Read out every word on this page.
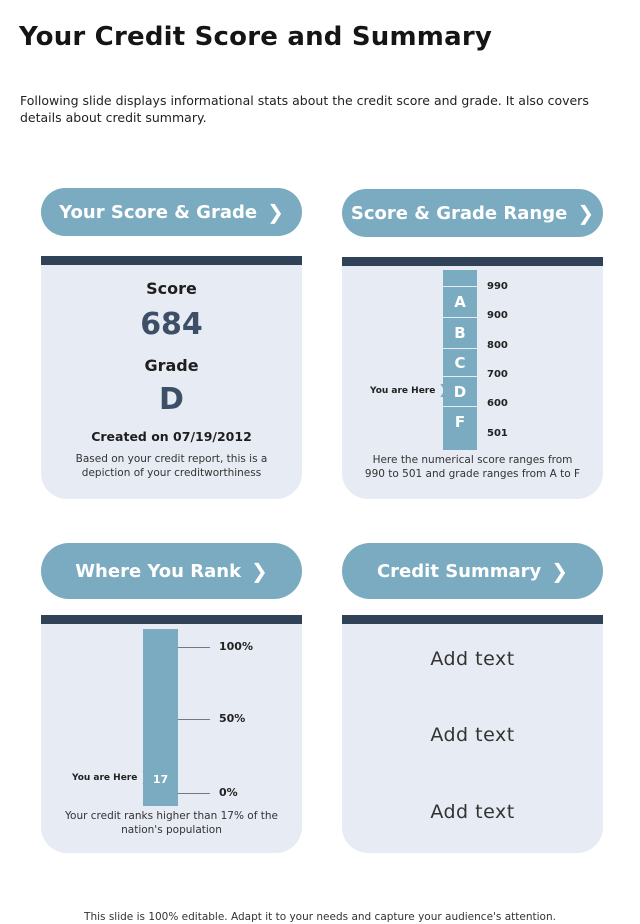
Your Credit Score and Summary
Following slide displays informational stats about the credit score and grade. It also covers details about credit summary.
Your Score & Grade ❯
Score
684
Grade
D
Created on 07/19/2012
Based on your credit report, this is a
depiction of your creditworthiness
Score & Grade Range ❯
A
B
C
D
F
990
900
800
700
600
501
You are Here ❯
Here the numerical score ranges from
990 to 501 and grade ranges from A to F
Where You Rank ❯
17
100%
50%
0%
You are Here ❯
Your credit ranks higher than 17% of the
nation's population
Credit Summary ❯
Add text
Add text
Add text
This slide is 100% editable. Adapt it to your needs and capture your audience's attention.
